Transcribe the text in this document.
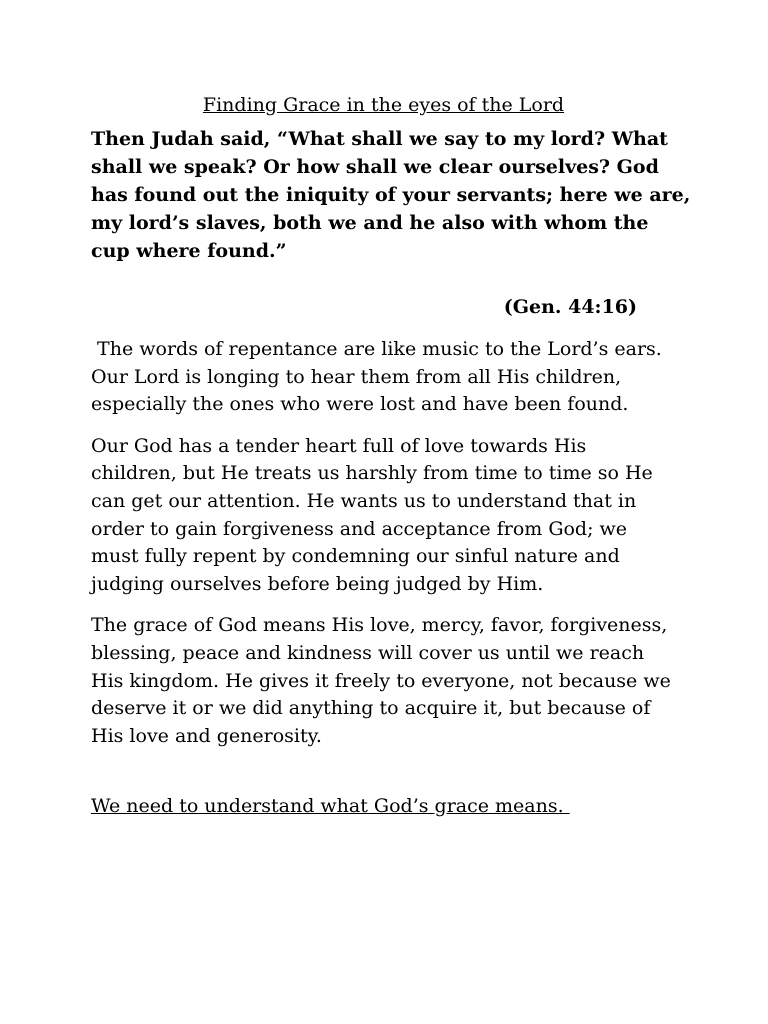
Finding Grace in the eyes of the Lord

Then Judah said, “What shall we say to my lord? What shall we speak? Or how shall we clear ourselves? God has found out the iniquity of your servants; here we are, my lord’s slaves, both we and he also with whom the cup where found.”

(Gen. 44:16)

The words of repentance are like music to the Lord’s ears.  Our Lord is longing to hear them from all His children, especially the ones who were lost and have been found.

Our God has a tender heart full of love towards His children, but He treats us harshly from time to time so He can get our attention. He wants us to understand that in order to gain forgiveness and acceptance from God; we must fully repent by condemning our sinful nature and judging ourselves before being judged by Him.

The grace of God means His love, mercy, favor, forgiveness, blessing, peace and kindness will cover us until we reach His kingdom. He gives it freely to everyone, not because we deserve it or we did anything to acquire it, but because of His love and generosity.

We need to understand what God’s grace means.
